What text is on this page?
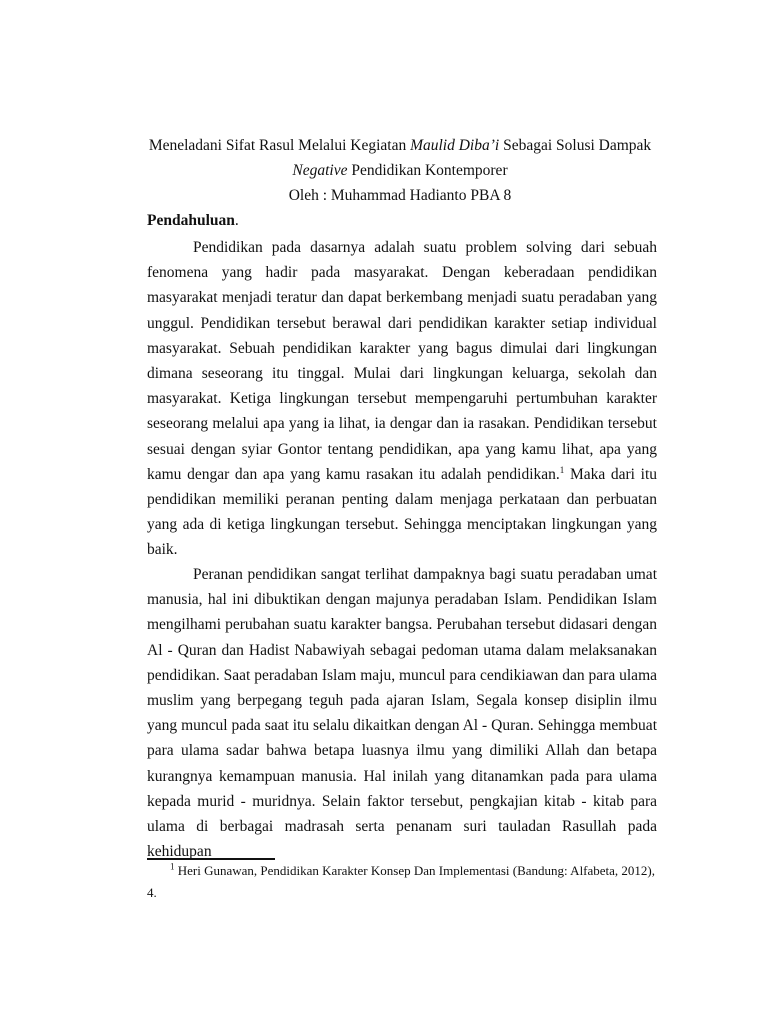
Meneladani Sifat Rasul Melalui Kegiatan Maulid Diba’i Sebagai Solusi Dampak
Negative Pendidikan Kontemporer
Oleh : Muhammad Hadianto PBA 8
Pendahuluan.

Pendidikan pada dasarnya adalah suatu problem solving dari sebuah fenomena yang hadir pada masyarakat. Dengan keberadaan pendidikan masyarakat menjadi teratur dan dapat berkembang menjadi suatu peradaban yang unggul. Pendidikan tersebut berawal dari pendidikan karakter setiap individual masyarakat. Sebuah pendidikan karakter yang bagus dimulai dari lingkungan dimana seseorang itu tinggal. Mulai dari lingkungan keluarga, sekolah dan masyarakat. Ketiga lingkungan tersebut mempengaruhi pertumbuhan karakter seseorang melalui apa yang ia lihat, ia dengar dan ia rasakan. Pendidikan tersebut sesuai dengan syiar Gontor tentang pendidikan, apa yang kamu lihat, apa yang kamu dengar dan apa yang kamu rasakan itu adalah pendidikan.$^1$ Maka dari itu pendidikan memiliki peranan penting dalam menjaga perkataan dan perbuatan yang ada di ketiga lingkungan tersebut. Sehingga menciptakan lingkungan yang baik.

Peranan pendidikan sangat terlihat dampaknya bagi suatu peradaban umat manusia, hal ini dibuktikan dengan majunya peradaban Islam. Pendidikan Islam mengilhami perubahan suatu karakter bangsa. Perubahan tersebut didasari dengan Al - Quran dan Hadist Nabawiyah sebagai pedoman utama dalam melaksanakan pendidikan. Saat peradaban Islam maju, muncul para cendikiawan dan para ulama muslim yang berpegang teguh pada ajaran Islam, Segala konsep disiplin ilmu yang muncul pada saat itu selalu dikaitkan dengan Al - Quran. Sehingga membuat para ulama sadar bahwa betapa luasnya ilmu yang dimiliki Allah dan betapa kurangnya kemampuan manusia. Hal inilah yang ditanamkan pada para ulama kepada murid - muridnya. Selain faktor tersebut, pengkajian kitab - kitab para ulama di berbagai madrasah serta penanam suri tauladan Rasullah pada kehidupan

$^1$ Heri Gunawan, Pendidikan Karakter Konsep Dan Implementasi (Bandung: Alfabeta, 2012), 4.
